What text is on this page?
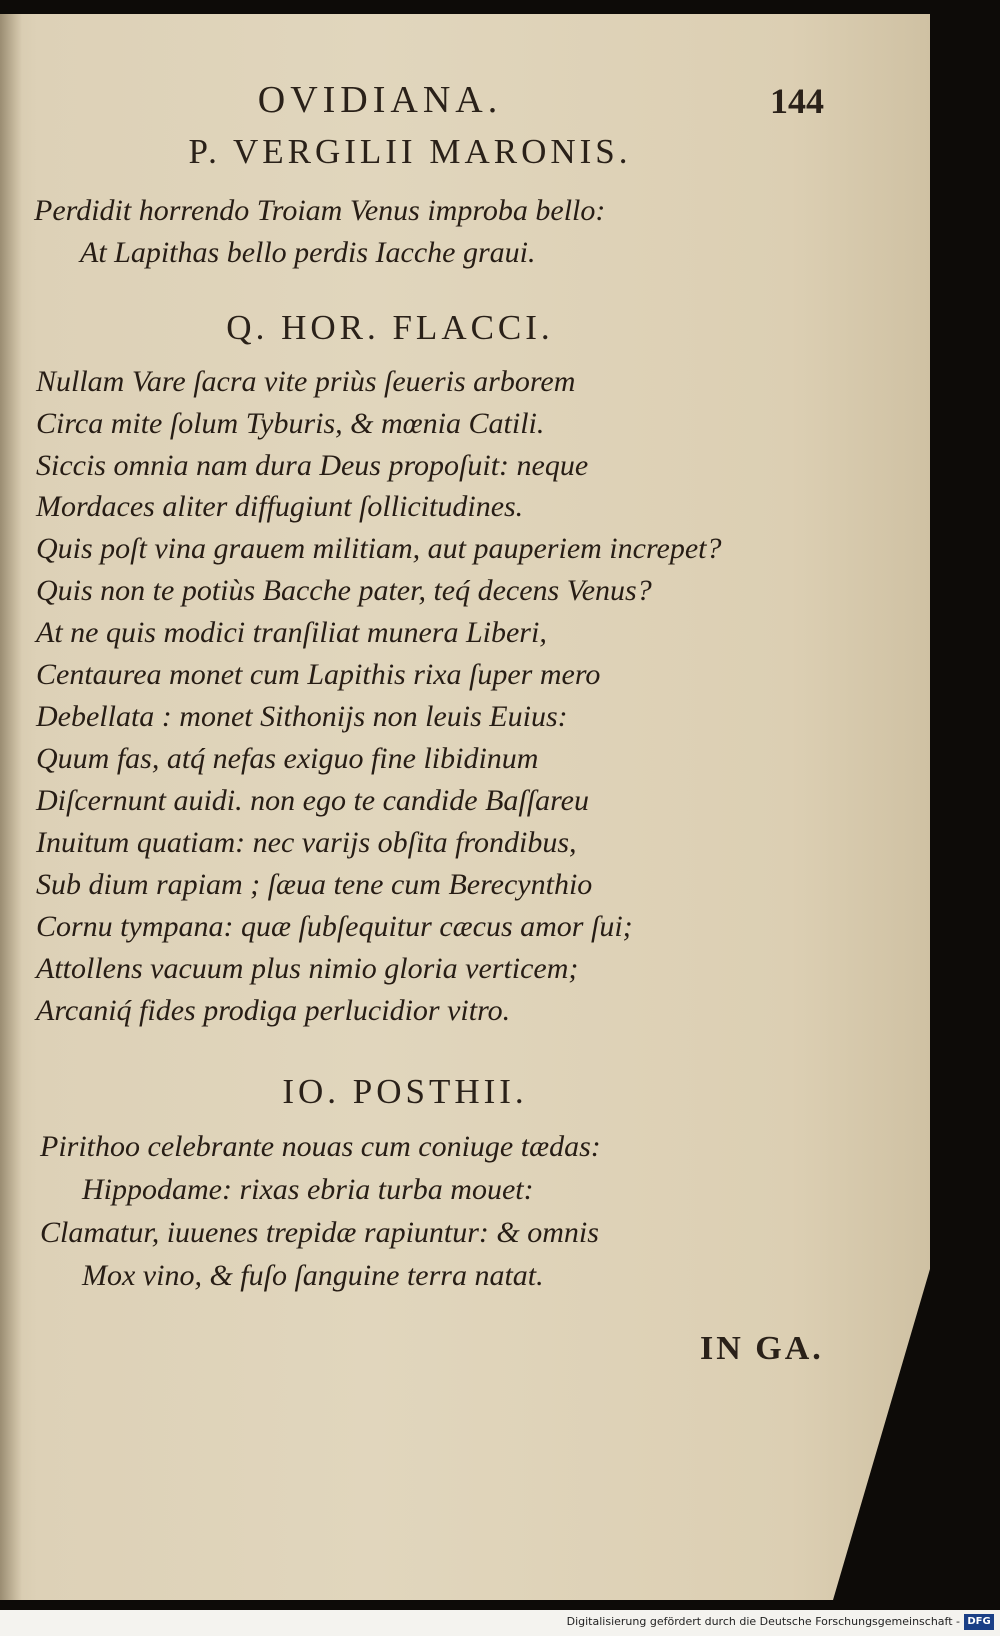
OVIDIANA.	144
P. VERGILII MARONIS.
Perdidit horrendo Troiam Venus improba bello:
At Lapithas bello perdis Iacche graui.
Q. HOR. FLACCI.
Nullam Vare ſacra vite priùs ſeueris arborem
Circa mite ſolum Tyburis, & mœnia Catili.
Siccis omnia nam dura Deus propoſuit: neque
Mordaces aliter diffugiunt ſollicitudines.
Quis poſt vina grauem militiam, aut pauperiem increpet?
Quis non te potiùs Bacche pater, teq́ decens Venus?
At ne quis modici tranſiliat munera Liberi,
Centaurea monet cum Lapithis rixa ſuper mero
Debellata : monet Sithonijs non leuis Euius:
Quum fas, atq́ nefas exiguo fine libidinum
Diſcernunt auidi. non ego te candide Baſſareu
Inuitum quatiam: nec varijs obſita frondibus,
Sub dium rapiam ; ſæua tene cum Berecynthio
Cornu tympana: quæ ſubſequitur cæcus amor ſui;
Attollens vacuum plus nimio gloria verticem;
Arcaniq́ fides prodiga perlucidior vitro.
IO. POSTHII.
Pirithoo celebrante nouas cum coniuge tædas:
Hippodame: rixas ebria turba mouet:
Clamatur, iuuenes trepidæ rapiuntur: & omnis
Mox vino, & fuſo ſanguine terra natat.
IN GA.
Digitalisierung gefördert durch die Deutsche Forschungsgemeinschaft - DFG
